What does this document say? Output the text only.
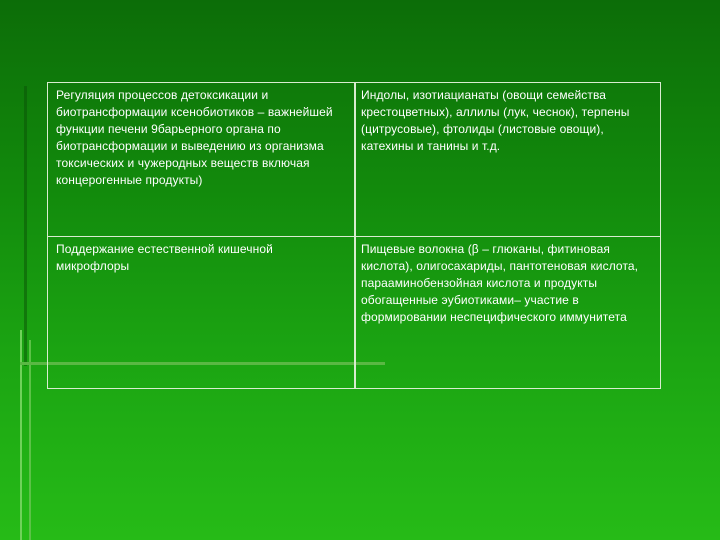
Регуляция процессов детоксикации и биотрансформации ксенобиотиков – важнейшей функции печени 9барьерного органа по биотрансформации и выведению из организма токсических и чужеродных веществ включая концерогенные продукты)
Индолы, изотиацианаты (овощи семейства крестоцветных), аллилы (лук, чеснок), терпены (цитрусовые), фтолиды (листовые овощи), катехины и танины и т.д.
Поддержание естественной кишечной микрофлоры
Пищевые волокна (β – глюканы, фитиновая кислота), олигосахариды, пантотеновая кислота, парааминобензойная кислота и продукты обогащенные эубиотиками– участие в формировании неспецифического иммунитета
